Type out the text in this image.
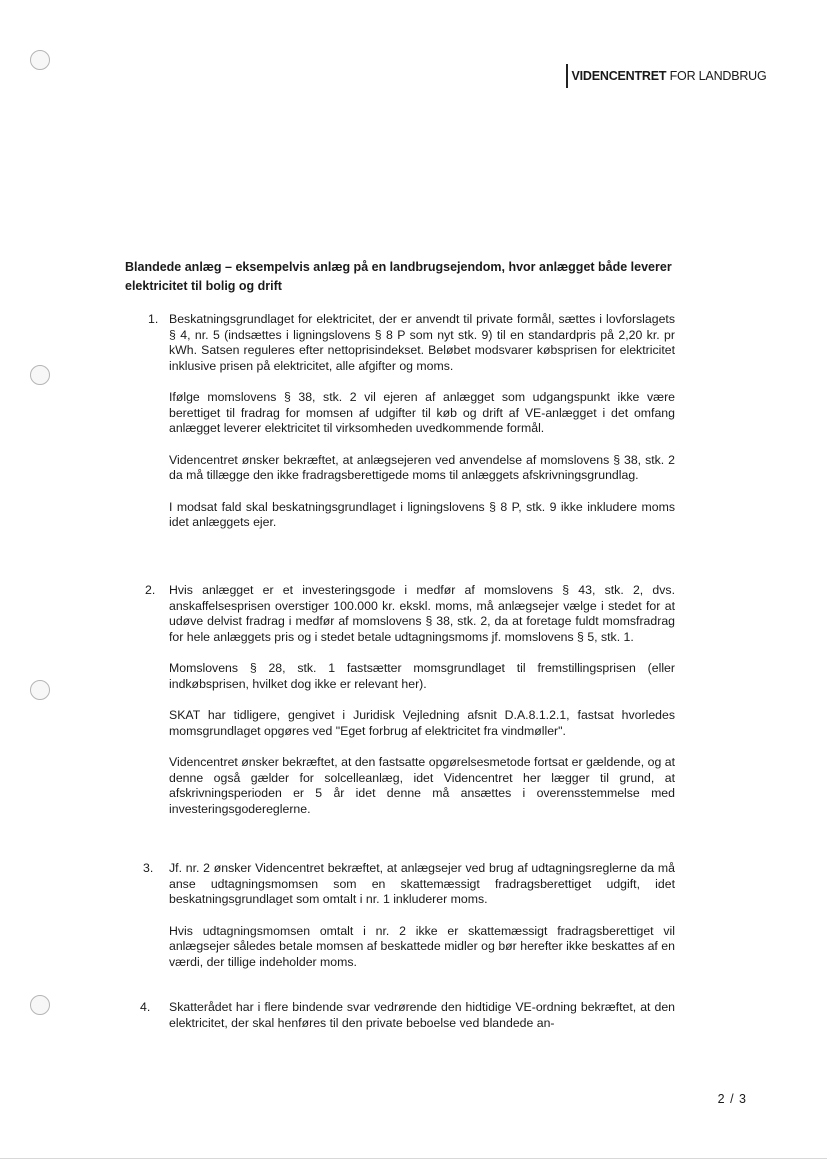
VIDENCENTRET FOR LANDBRUG
Blandede anlæg – eksempelvis anlæg på en landbrugsejendom, hvor anlægget både leverer elektricitet til bolig og drift
1. Beskatningsgrundlaget for elektricitet, der er anvendt til private formål, sættes i lovforslagets § 4, nr. 5 (indsættes i ligningslovens § 8 P som nyt stk. 9) til en standardpris på 2,20 kr. pr kWh. Satsen reguleres efter nettoprisindekset. Beløbet modsvarer købsprisen for elektricitet inklusive prisen på elektricitet, alle afgifter og moms.

Ifølge momslovens § 38, stk. 2 vil ejeren af anlægget som udgangspunkt ikke være berettiget til fradrag for momsen af udgifter til køb og drift af VE-anlægget i det omfang anlægget leverer elektricitet til virksomheden uvedkommende formål.

Videncentret ønsker bekræftet, at anlægsejeren ved anvendelse af momslovens § 38, stk. 2 da må tillægge den ikke fradragsberettigede moms til anlæggets afskrivningsgrundlag.

I modsat fald skal beskatningsgrundlaget i ligningslovens § 8 P, stk. 9 ikke inkludere moms idet anlæggets ejer.

2. Hvis anlægget er et investeringsgode i medfør af momslovens § 43, stk. 2, dvs. anskaffelsesprisen overstiger 100.000 kr. ekskl. moms, må anlægsejer vælge i stedet for at udøve delvist fradrag i medfør af momslovens § 38, stk. 2, da at foretage fuldt momsfradrag for hele anlæggets pris og i stedet betale udtagningsmoms jf. momslovens § 5, stk. 1.

Momslovens § 28, stk. 1 fastsætter momsgrundlaget til fremstillingsprisen (eller indkøbsprisen, hvilket dog ikke er relevant her).

SKAT har tidligere, gengivet i Juridisk Vejledning afsnit D.A.8.1.2.1, fastsat hvorledes momsgrundlaget opgøres ved "Eget forbrug af elektricitet fra vindmøller".

Videncentret ønsker bekræftet, at den fastsatte opgørelsesmetode fortsat er gældende, og at denne også gælder for solcelleanlæg, idet Videncentret her lægger til grund, at afskrivningsperioden er 5 år idet denne må ansættes i overensstemmelse med investeringsgodereglerne.

3. Jf. nr. 2 ønsker Videncentret bekræftet, at anlægsejer ved brug af udtagningsreglerne da må anse udtagningsmomsen som en skattemæssigt fradragsberettiget udgift, idet beskatningsgrundlaget som omtalt i nr. 1 inkluderer moms.

Hvis udtagningsmomsen omtalt i nr. 2 ikke er skattemæssigt fradragsberettiget vil anlægsejer således betale momsen af beskattede midler og bør herefter ikke beskattes af en værdi, der tillige indeholder moms.

4. Skatterådet har i flere bindende svar vedrørende den hidtidige VE-ordning bekræftet, at den elektricitet, der skal henføres til den private beboelse ved blandede an-

2 / 3
